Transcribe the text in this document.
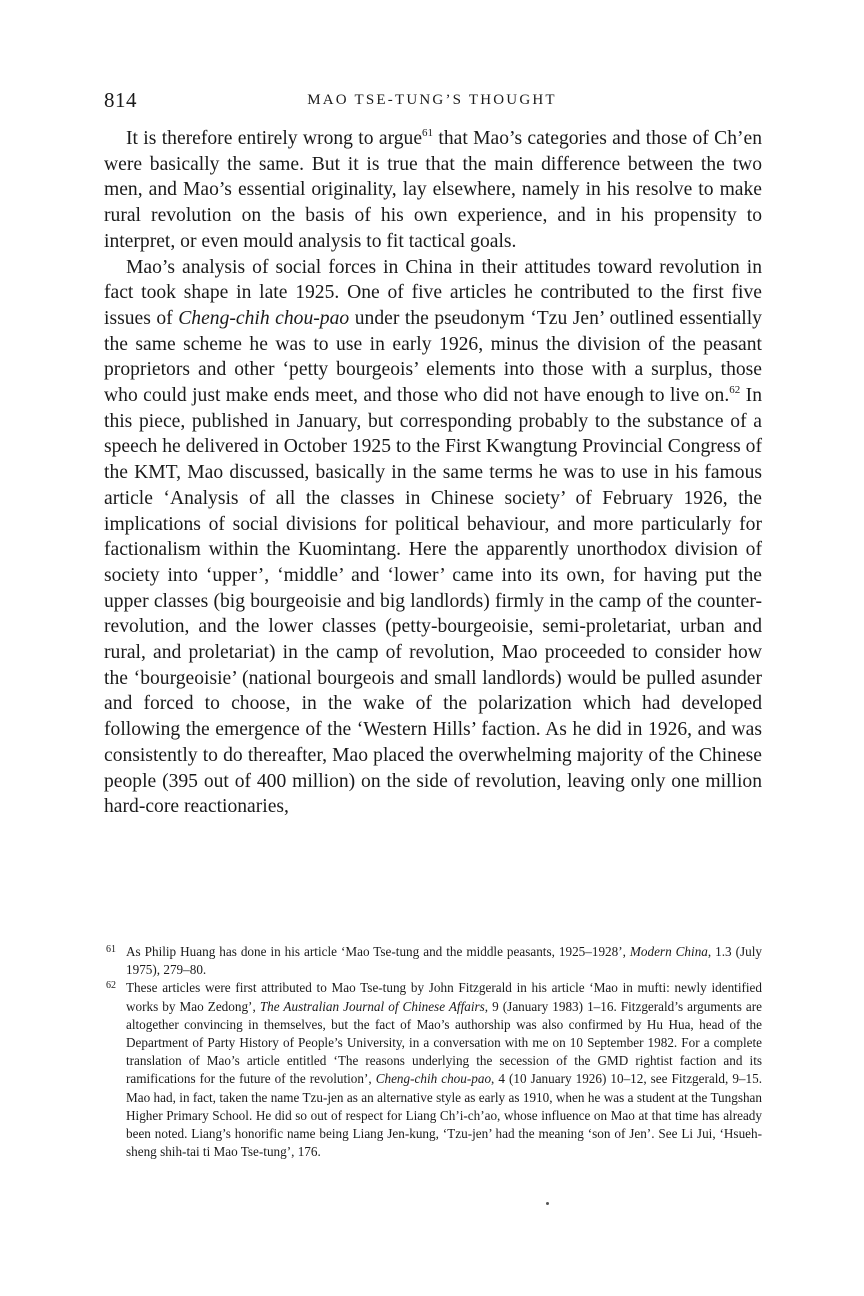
814	MAO TSE-TUNG’S THOUGHT

It is therefore entirely wrong to argue$^{61}$ that Mao’s categories and those of Ch’en were basically the same. But it is true that the main difference between the two men, and Mao’s essential originality, lay elsewhere, namely in his resolve to make rural revolution on the basis of his own experience, and in his propensity to interpret, or even mould analysis to fit tactical goals.

Mao’s analysis of social forces in China in their attitudes toward revolution in fact took shape in late 1925. One of five articles he contributed to the first five issues of Cheng-chih chou-pao under the pseudonym ‘Tzu Jen’ outlined essentially the same scheme he was to use in early 1926, minus the division of the peasant proprietors and other ‘petty bourgeois’ elements into those with a surplus, those who could just make ends meet, and those who did not have enough to live on.$^{62}$ In this piece, published in January, but corresponding probably to the substance of a speech he delivered in October 1925 to the First Kwangtung Provincial Congress of the KMT, Mao discussed, basically in the same terms he was to use in his famous article ‘Analysis of all the classes in Chinese society’ of February 1926, the implications of social divisions for political behaviour, and more particularly for factionalism within the Kuomintang. Here the apparently unorthodox division of society into ‘upper’, ‘middle’ and ‘lower’ came into its own, for having put the upper classes (big bourgeoisie and big landlords) firmly in the camp of the counter-revolution, and the lower classes (petty-bourgeoisie, semi-proletariat, urban and rural, and proletariat) in the camp of revolution, Mao proceeded to consider how the ‘bourgeoisie’ (national bourgeois and small landlords) would be pulled asunder and forced to choose, in the wake of the polarization which had developed following the emergence of the ‘Western Hills’ faction. As he did in 1926, and was consistently to do thereafter, Mao placed the overwhelming majority of the Chinese people (395 out of 400 million) on the side of revolution, leaving only one million hard-core reactionaries,

61 As Philip Huang has done in his article ‘Mao Tse-tung and the middle peasants, 1925–1928’, Modern China, 1.3 (July 1975), 279–80.

62 These articles were first attributed to Mao Tse-tung by John Fitzgerald in his article ‘Mao in mufti: newly identified works by Mao Zedong’, The Australian Journal of Chinese Affairs, 9 (January 1983) 1–16. Fitzgerald’s arguments are altogether convincing in themselves, but the fact of Mao’s authorship was also confirmed by Hu Hua, head of the Department of Party History of People’s University, in a conversation with me on 10 September 1982. For a complete translation of Mao’s article entitled ‘The reasons underlying the secession of the GMD rightist faction and its ramifications for the future of the revolution’, Cheng-chih chou-pao, 4 (10 January 1926) 10–12, see Fitzgerald, 9–15. Mao had, in fact, taken the name Tzu-jen as an alternative style as early as 1910, when he was a student at the Tungshan Higher Primary School. He did so out of respect for Liang Ch’i-ch’ao, whose influence on Mao at that time has already been noted. Liang’s honorific name being Liang Jen-kung, ‘Tzu-jen’ had the meaning ‘son of Jen’. See Li Jui, ‘Hsueh-sheng shih-tai ti Mao Tse-tung’, 176.
